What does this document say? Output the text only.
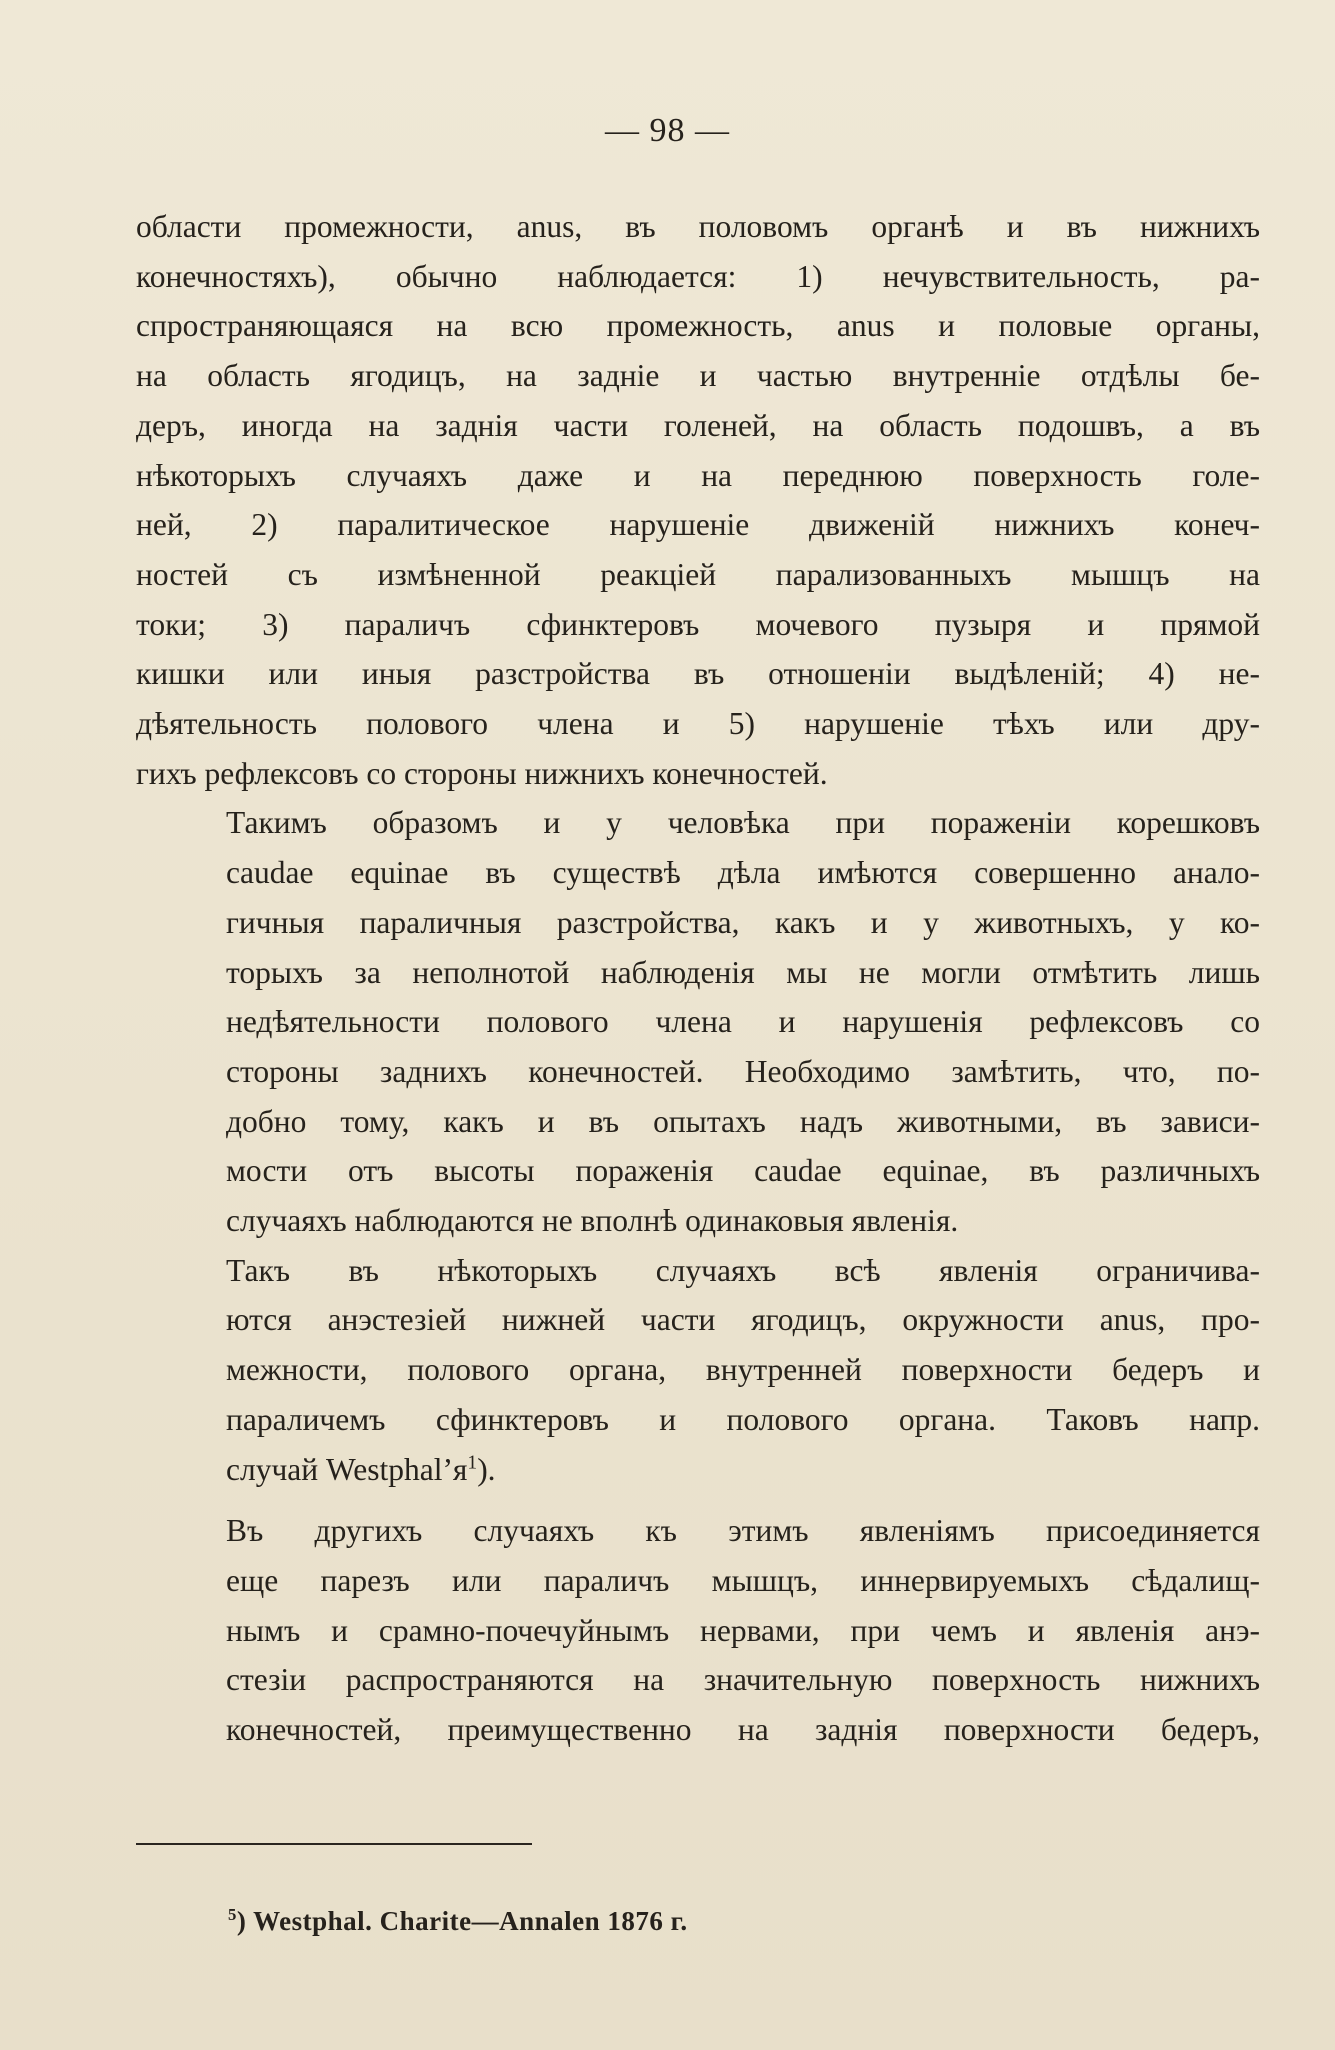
— 98 —

области промежности, anus, въ половомъ органѣ и въ нижнихъ
конечностяхъ), обычно наблюдается: 1) нечувствительность, ра-
спространяющаяся на всю промежность, anus и половые органы,
на область ягодицъ, на заднiе и частью внутреннiе отдѣлы бе-
деръ, иногда на заднiя части голеней, на область подошвъ, а въ
нѣкоторыхъ случаяхъ даже и на переднюю поверхность голе-
ней, 2) паралитическое нарушенiе движенiй нижнихъ конеч-
ностей съ измѣненной реакцiей парализованныхъ мышцъ на
токи; 3) параличъ сфинктеровъ мочевого пузыря и прямой
кишки или иныя разстройства въ отношенiи выдѣленiй; 4) не-
дѣятельность полового члена и 5) нарушенiе тѣхъ или дру-
гихъ рефлексовъ со стороны нижнихъ конечностей.

Такимъ образомъ и у человѣка при пораженiи корешковъ
caudae equinae въ существѣ дѣла имѣются совершенно анало-
гичныя параличныя разстройства, какъ и у животныхъ, у ко-
торыхъ за неполнотой наблюденiя мы не могли отмѣтить лишь
недѣятельности полового члена и нарушенiя рефлексовъ со
стороны заднихъ конечностей. Необходимо замѣтить, что, по-
добно тому, какъ и въ опытахъ надъ животными, въ зависи-
мости отъ высоты пораженiя caudae equinae, въ различныхъ
случаяхъ наблюдаются не вполнѣ одинаковыя явленiя.

Такъ въ нѣкоторыхъ случаяхъ всѣ явленiя ограничива-
ются анэстезiей нижней части ягодицъ, окружности anus, про-
межности, полового органа, внутренней поверхности бедеръ и
параличемъ сфинктеровъ и полового органа. Таковъ напр.
случай $Westphal’я^1$).

Въ другихъ случаяхъ къ этимъ явленiямъ присоединяется
еще парезъ или параличъ мышцъ, иннервируемыхъ сѣдалищ-
нымъ и срамно-почечуйнымъ нервами, при чемъ и явленiя анэ-
стезiи распространяются на значительную поверхность нижнихъ
конечностей, преимущественно на заднiя поверхности бедеръ,

$^5$) Westphal. Charite—Annalen 1876 г.
